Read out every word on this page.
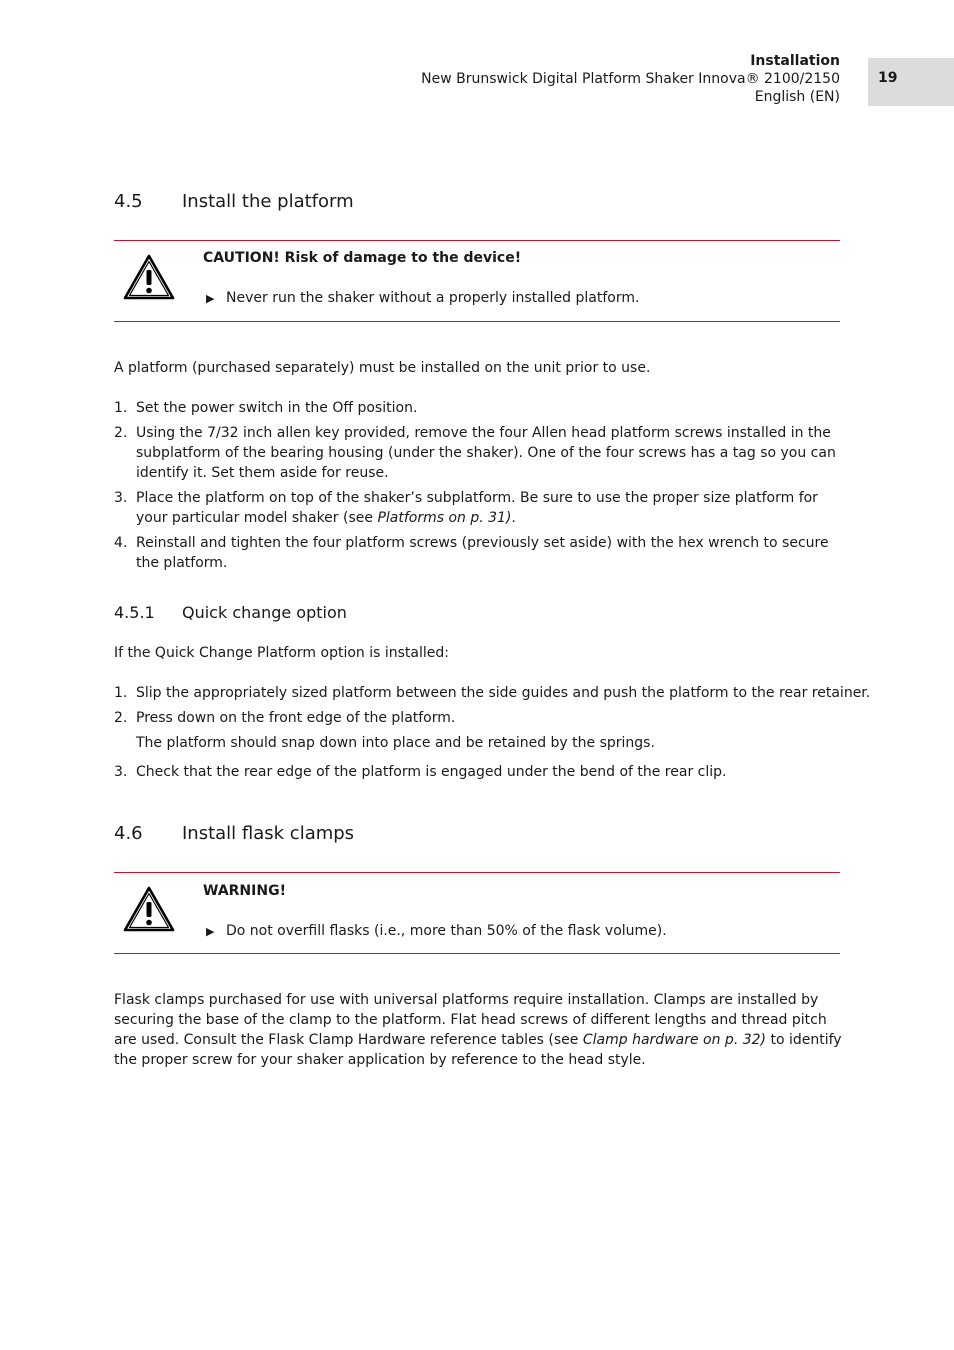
Installation
New Brunswick Digital Platform Shaker Innova® 2100/2150
English (EN)
19
4.5 Install the platform
CAUTION! Risk of damage to the device!
▶ Never run the shaker without a properly installed platform.
A platform (purchased separately) must be installed on the unit prior to use.
1. Set the power switch in the Off position.
2. Using the 7/32 inch allen key provided, remove the four Allen head platform screws installed in the subplatform of the bearing housing (under the shaker). One of the four screws has a tag so you can identify it. Set them aside for reuse.
3. Place the platform on top of the shaker’s subplatform. Be sure to use the proper size platform for your particular model shaker (see Platforms on p. 31).
4. Reinstall and tighten the four platform screws (previously set aside) with the hex wrench to secure the platform.
4.5.1 Quick change option
If the Quick Change Platform option is installed:
1. Slip the appropriately sized platform between the side guides and push the platform to the rear retainer.
2. Press down on the front edge of the platform.
The platform should snap down into place and be retained by the springs.
3. Check that the rear edge of the platform is engaged under the bend of the rear clip.
4.6 Install flask clamps
WARNING!
▶ Do not overfill flasks (i.e., more than 50% of the flask volume).

Flask clamps purchased for use with universal platforms require installation. Clamps are installed by securing the base of the clamp to the platform. Flat head screws of different lengths and thread pitch are used. Consult the Flask Clamp Hardware reference tables (see Clamp hardware on p. 32) to identify the proper screw for your shaker application by reference to the head style.
